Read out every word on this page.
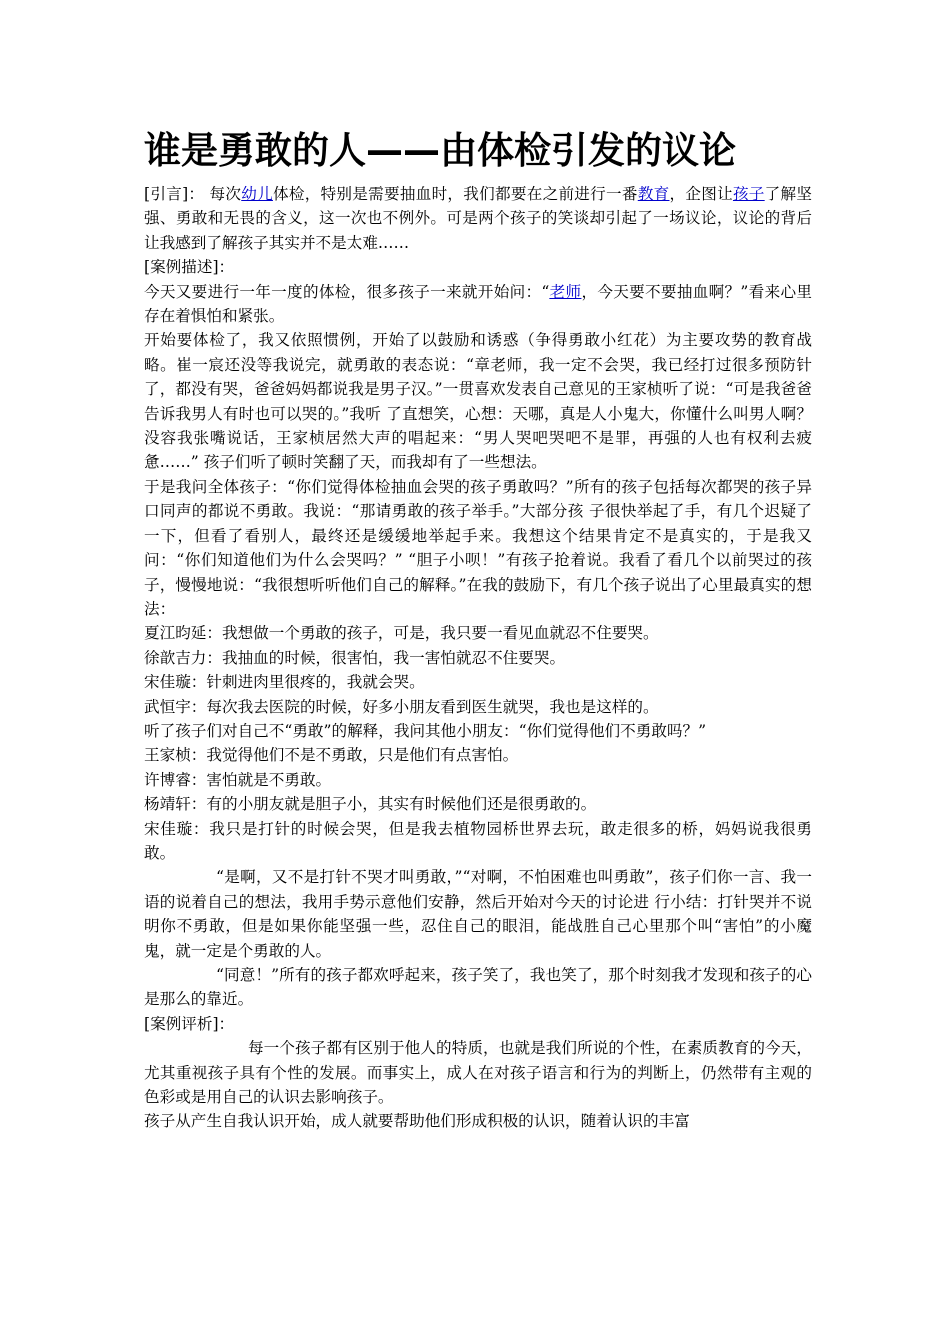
谁是勇敢的人——由体检引发的议论

[引言]： 每次幼儿体检，特别是需要抽血时，我们都要在之前进行一番教育，企图让孩子了解坚强、勇敢和无畏的含义，这一次也不例外。可是两个孩子的笑谈却引起了一场议论，议论的背后让我感到了解孩子其实并不是太难……

[案例描述]：

今天又要进行一年一度的体检，很多孩子一来就开始问：“老师，今天要不要抽血啊？”看来心里存在着惧怕和紧张。

开始要体检了，我又依照惯例，开始了以鼓励和诱惑（争得勇敢小红花）为主要攻势的教育战略。崔一宸还没等我说完，就勇敢的表态说：“章老师，我一定不会哭，我已经打过很多预防针了，都没有哭，爸爸妈妈都说我是男子汉。”一贯喜欢发表自己意见的王家桢听了说：“可是我爸爸告诉我男人有时也可以哭的。”我听 了直想笑，心想：天哪，真是人小鬼大，你懂什么叫男人啊？没容我张嘴说话，王家桢居然大声的唱起来：“男人哭吧哭吧不是罪，再强的人也有权利去疲惫……” 孩子们听了顿时笑翻了天，而我却有了一些想法。

于是我问全体孩子：“你们觉得体检抽血会哭的孩子勇敢吗？”所有的孩子包括每次都哭的孩子异口同声的都说不勇敢。我说：“那请勇敢的孩子举手。”大部分孩 子很快举起了手，有几个迟疑了一下，但看了看别人，最终还是缓缓地举起手来。我想这个结果肯定不是真实的，于是我又问：“你们知道他们为什么会哭吗？” “胆子小呗！”有孩子抢着说。我看了看几个以前哭过的孩子，慢慢地说：“我很想听听他们自己的解释。”在我的鼓励下，有几个孩子说出了心里最真实的想法：

夏江昀延：我想做一个勇敢的孩子，可是，我只要一看见血就忍不住要哭。

徐歆吉力：我抽血的时候，很害怕，我一害怕就忍不住要哭。

宋佳璇：针刺进肉里很疼的，我就会哭。

武恒宇：每次我去医院的时候，好多小朋友看到医生就哭，我也是这样的。

听了孩子们对自己不“勇敢”的解释，我问其他小朋友：“你们觉得他们不勇敢吗？”

王家桢：我觉得他们不是不勇敢，只是他们有点害怕。

许博睿：害怕就是不勇敢。

杨靖轩：有的小朋友就是胆子小，其实有时候他们还是很勇敢的。

宋佳璇：我只是打针的时候会哭，但是我去植物园桥世界去玩，敢走很多的桥，妈妈说我很勇敢。

“是啊，又不是打针不哭才叫勇敢，”“对啊，不怕困难也叫勇敢”，孩子们你一言、我一语的说着自己的想法，我用手势示意他们安静，然后开始对今天的讨论进 行小结：打针哭并不说明你不勇敢，但是如果你能坚强一些，忍住自己的眼泪，能战胜自己心里那个叫“害怕”的小魔鬼，就一定是个勇敢的人。

“同意！”所有的孩子都欢呼起来，孩子笑了，我也笑了，那个时刻我才发现和孩子的心是那么的靠近。

[案例评析]：

每一个孩子都有区别于他人的特质，也就是我们所说的个性，在素质教育的今天，尤其重视孩子具有个性的发展。而事实上，成人在对孩子语言和行为的判断上，仍然带有主观的色彩或是用自己的认识去影响孩子。

孩子从产生自我认识开始，成人就要帮助他们形成积极的认识，随着认识的丰富
